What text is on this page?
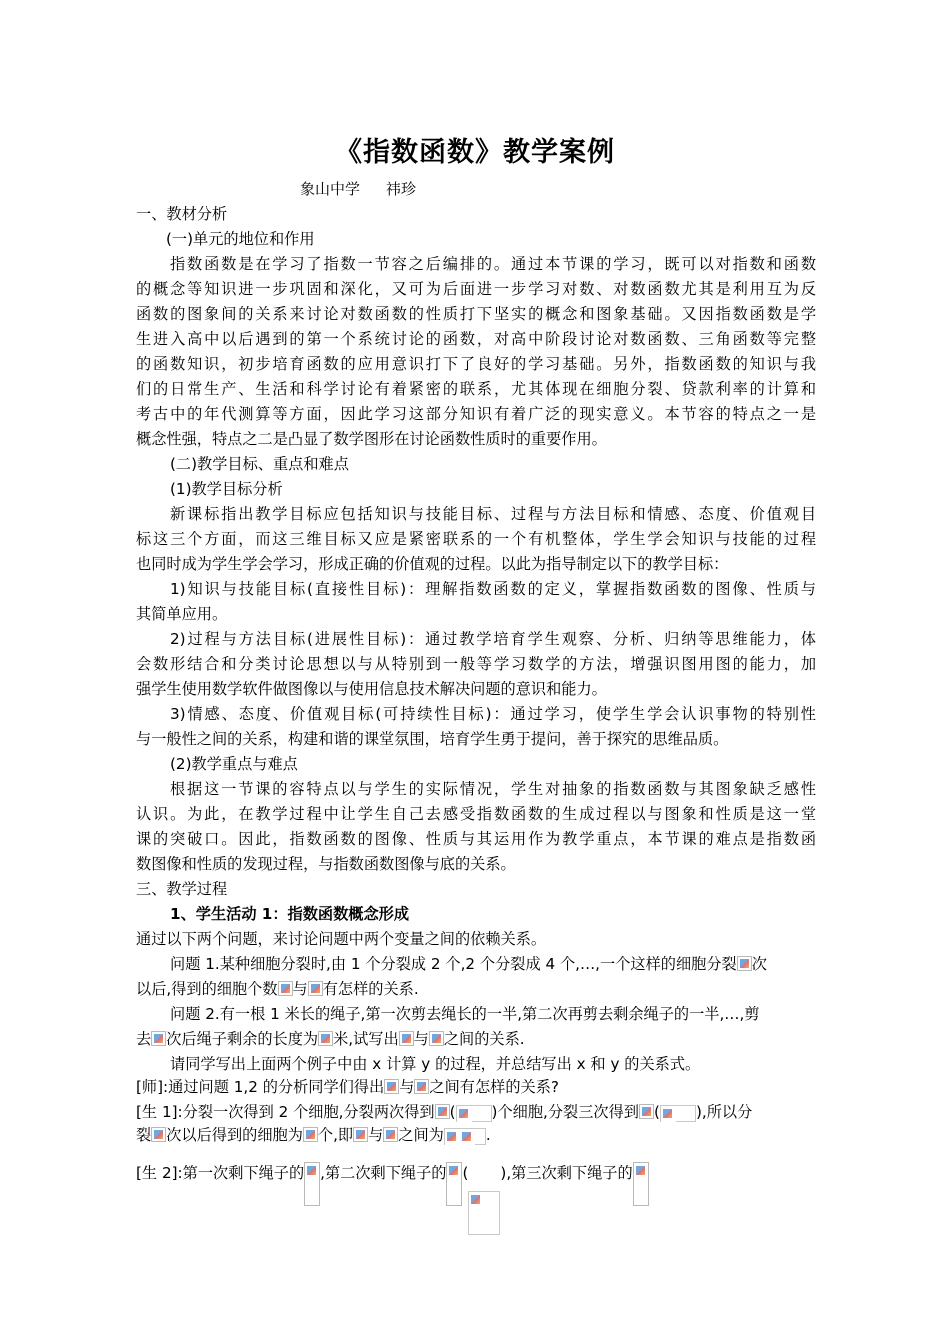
《指数函数》教学案例
象山中学 祎珍
一、教材分析
(一)单元的地位和作用
指数函数是在学习了指数一节容之后编排的。通过本节课的学习，既可以对指数和函数
的概念等知识进一步巩固和深化，又可为后面进一步学习对数、对数函数尤其是利用互为反
函数的图象间的关系来讨论对数函数的性质打下坚实的概念和图象基础。又因指数函数是学
生进入高中以后遇到的第一个系统讨论的函数，对高中阶段讨论对数函数、三角函数等完整
的函数知识，初步培育函数的应用意识打下了良好的学习基础。另外，指数函数的知识与我
们的日常生产、生活和科学讨论有着紧密的联系，尤其体现在细胞分裂、贷款利率的计算和
考古中的年代测算等方面，因此学习这部分知识有着广泛的现实意义。本节容的特点之一是
概念性强，特点之二是凸显了数学图形在讨论函数性质时的重要作用。
(二)教学目标、重点和难点
(1)教学目标分析
新课标指出教学目标应包括知识与技能目标、过程与方法目标和情感、态度、价值观目
标这三个方面，而这三维目标又应是紧密联系的一个有机整体，学生学会知识与技能的过程
也同时成为学生学会学习，形成正确的价值观的过程。以此为指导制定以下的教学目标：
1)知识与技能目标(直接性目标)：理解指数函数的定义，掌握指数函数的图像、性质与
其简单应用。
2)过程与方法目标(进展性目标)：通过教学培育学生观察、分析、归纳等思维能力，体
会数形结合和分类讨论思想以与从特别到一般等学习数学的方法，增强识图用图的能力，加
强学生使用数学软件做图像以与使用信息技术解决问题的意识和能力。
3)情感、态度、价值观目标(可持续性目标)：通过学习，使学生学会认识事物的特别性
与一般性之间的关系，构建和谐的课堂氛围，培育学生勇于提问，善于探究的思维品质。
(2)教学重点与难点
根据这一节课的容特点以与学生的实际情况，学生对抽象的指数函数与其图象缺乏感性
认识。为此，在教学过程中让学生自己去感受指数函数的生成过程以与图象和性质是这一堂
课的突破口。因此，指数函数的图像、性质与其运用作为教学重点，本节课的难点是指数函
数图像和性质的发现过程，与指数函数图像与底的关系。
三、教学过程
1、学生活动 1：指数函数概念形成
通过以下两个问题，来讨论问题中两个变量之间的依赖关系。
问题 1.某种细胞分裂时,由 1 个分裂成 2 个,2 个分裂成 4 个,…,一个这样的细胞分裂 次
以后,得到的细胞个数 与 有怎样的关系.
问题 2.有一根 1 米长的绳子,第一次剪去绳长的一半,第二次再剪去剩余绳子的一半,…,剪
去 次后绳子剩余的长度为 米,试写出 与 之间的关系.
请同学写出上面两个例子中由 x 计算 y 的过程，并总结写出 x 和 y 的关系式。
[师]:通过问题 1,2 的分析同学们得出 与 之间有怎样的关系?
[生 1]:分裂一次得到 2 个细胞,分裂两次得到 ( )个细胞,分裂三次得到 ( ),所以分
裂 次以后得到的细胞为 个,即 与 之间为	.
[生 2]:第一次剩下绳子的 ,第二次剩下绳子的 ( ),第三次剩下绳子的
